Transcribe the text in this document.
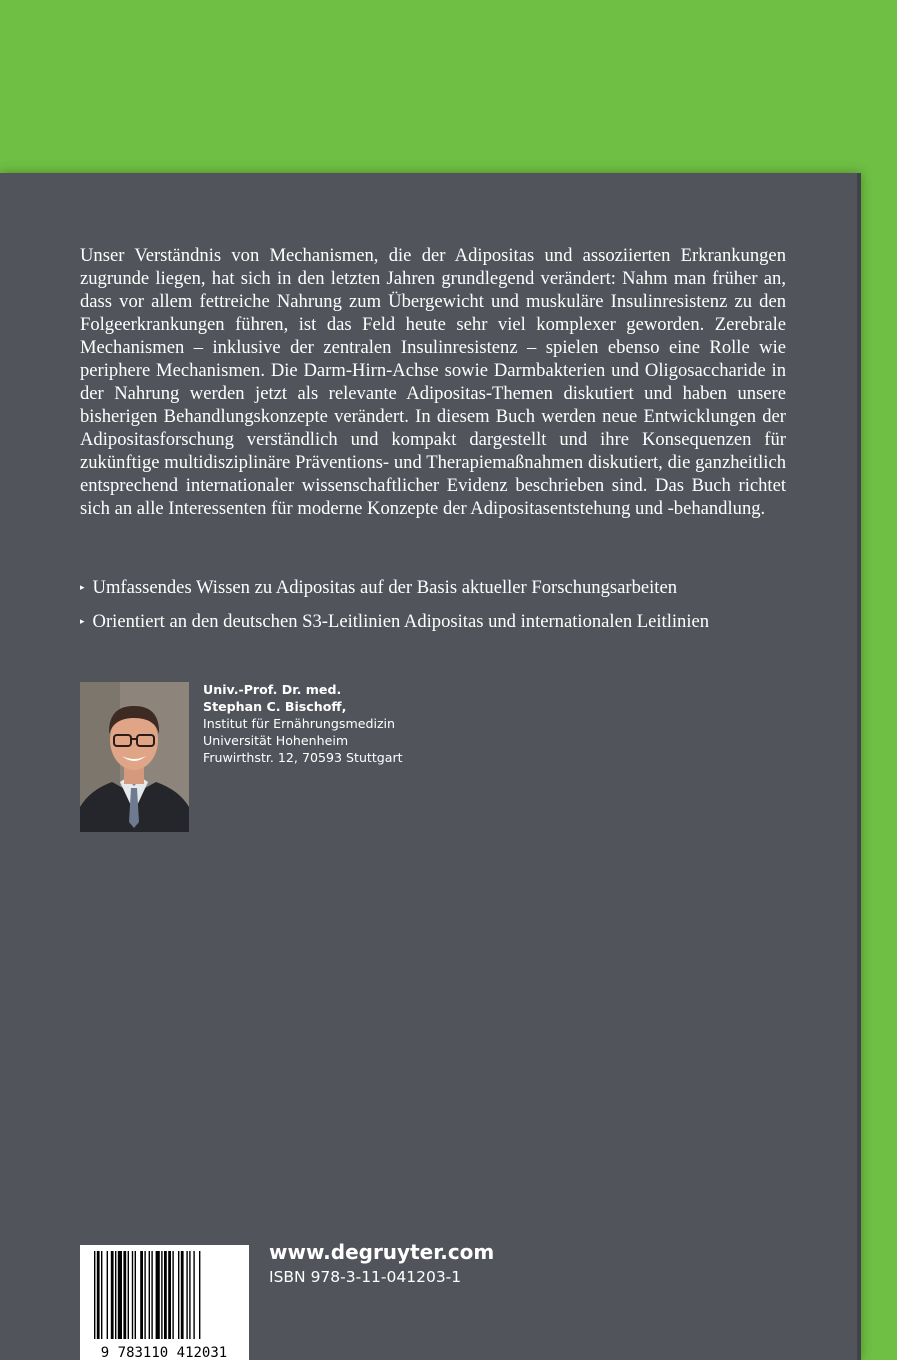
Unser Verständnis von Mechanismen, die der Adipositas und assoziierten Erkrankungen zugrunde liegen, hat sich in den letzten Jahren grundlegend verändert: Nahm man früher an, dass vor allem fettreiche Nahrung zum Übergewicht und muskuläre Insulinresistenz zu den Folgeerkrankungen führen, ist das Feld heute sehr viel komplexer geworden. Zerebrale Mechanismen – inklusive der zentralen Insulinresistenz – spielen ebenso eine Rolle wie periphere Mechanismen. Die Darm-Hirn-Achse sowie Darmbakterien und Oligosaccharide in der Nahrung werden jetzt als relevante Adipositas-Themen diskutiert und haben unsere bisherigen Behandlungskonzepte verändert. In diesem Buch werden neue Entwicklungen der Adipositasforschung verständlich und kompakt dargestellt und ihre Konsequenzen für zukünftige multidisziplinäre Präventions- und Therapiemaßnahmen diskutiert, die ganzheitlich entsprechend internationaler wissenschaftlicher Evidenz beschrieben sind. Das Buch richtet sich an alle Interessenten für moderne Konzepte der Adipositasentstehung und -behandlung.

▸ Umfassendes Wissen zu Adipositas auf der Basis aktueller Forschungsarbeiten
▸ Orientiert an den deutschen S3-Leitlinien Adipositas und internationalen Leitlinien
Univ.-Prof. Dr. med.
Stephan C. Bischoff,
Institut für Ernährungsmedizin
Universität Hohenheim
Fruwirthstr. 12, 70593 Stuttgart
9 783110 412031
www.degruyter.com
ISBN 978-3-11-041203-1
